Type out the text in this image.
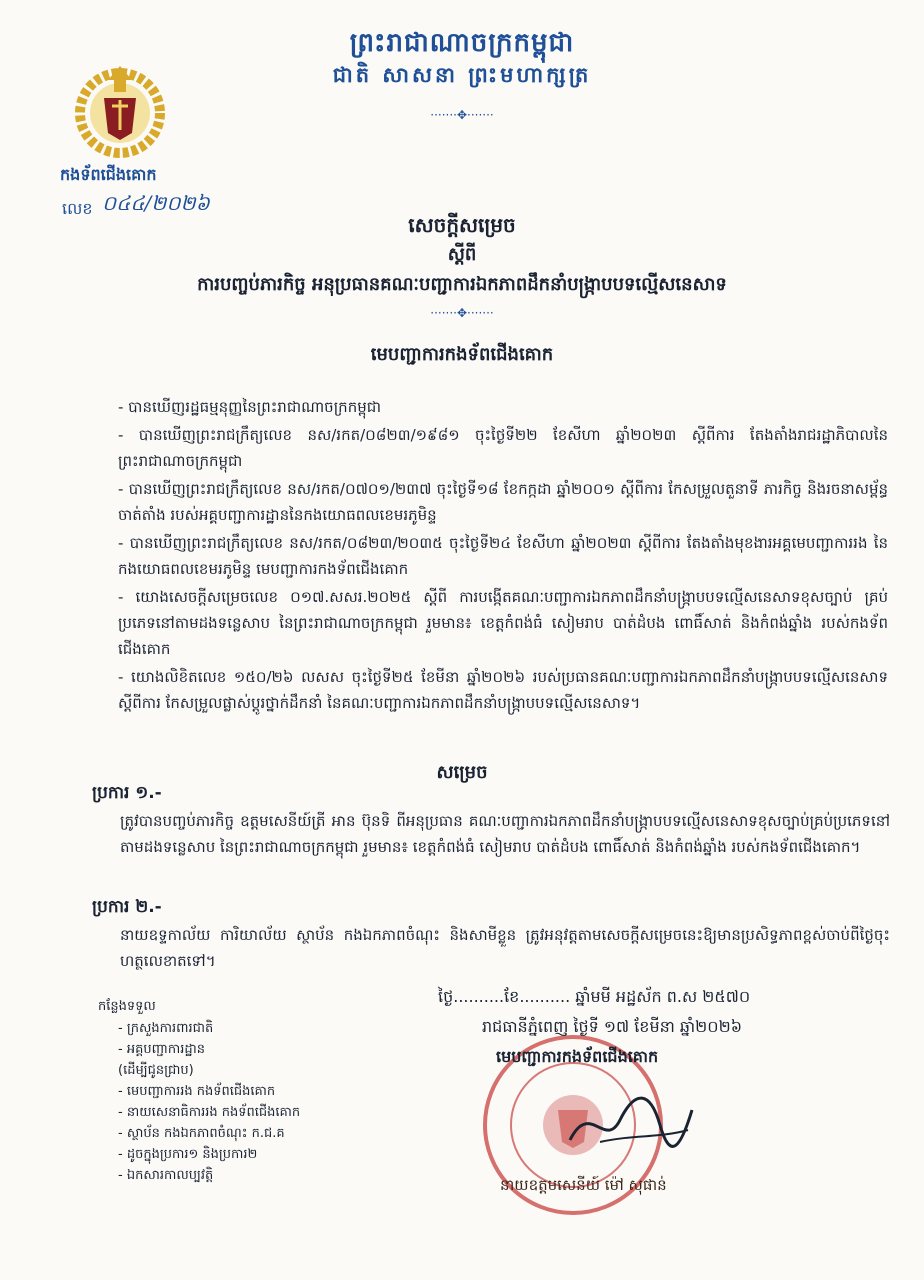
ព្រះរាជាណាចក្រកម្ពុជា
ជាតិ សាសនា ព្រះមហាក្សត្រ
·······✥·······
កងទ័ពជើងគោក
លេខ ០៤៤/២០២៦
សេចក្តីសម្រេច
ស្តីពី
ការបញ្ចប់ភារកិច្ច អនុប្រធានគណៈបញ្ជាការឯកភាពដឹកនាំបង្ក្រាបបទល្មើសនេសាទ
·······✥·······
មេបញ្ជាការកងទ័ពជើងគោក
- បានឃើញរដ្ឋធម្មនុញ្ញនៃព្រះរាជាណាចក្រកម្ពុជា
- បានឃើញព្រះរាជក្រឹត្យលេខ នស/រកត/០៨២៣/១៩៨១ ចុះថ្ងៃទី២២ ខែសីហា ឆ្នាំ២០២៣ ស្តីពីការ តែងតាំងរាជរដ្ឋាភិបាលនៃព្រះរាជាណាចក្រកម្ពុជា
- បានឃើញព្រះរាជក្រឹត្យលេខ នស/រកត/០៧០១/២៣៧ ចុះថ្ងៃទី១៨ ខែកក្កដា ឆ្នាំ២០០១ ស្តីពីការ កែសម្រួលតួនាទី ភារកិច្ច និងរចនាសម្ព័ន្ធចាត់តាំង របស់អគ្គបញ្ជាការដ្ឋាននៃកងយោធពលខេមរភូមិន្ទ
- បានឃើញព្រះរាជក្រឹត្យលេខ នស/រកត/០៨២៣/២០៣៥ ចុះថ្ងៃទី២៤ ខែសីហា ឆ្នាំ២០២៣ ស្តីពីការ តែងតាំងមុខងារអគ្គមេបញ្ជាការរង នៃកងយោធពលខេមរភូមិន្ទ មេបញ្ជាការកងទ័ពជើងគោក
- យោងសេចក្តីសម្រេចលេខ ០១៧.សសរ.២០២៥ ស្តីពី ការបង្កើតគណៈបញ្ជាការឯកភាពដឹកនាំបង្ក្រាបបទល្មើសនេសាទខុសច្បាប់ គ្រប់ប្រភេទនៅតាមដងទន្លេសាប នៃព្រះរាជាណាចក្រកម្ពុជា រួមមាន៖ ខេត្តកំពង់ធំ សៀមរាប បាត់ដំបង ពោធិ៍សាត់ និងកំពង់ឆ្នាំង របស់កងទ័ពជើងគោក
- យោងលិខិតលេខ ១៥០/២៦ លសស ចុះថ្ងៃទី២៥ ខែមីនា ឆ្នាំ២០២៦ របស់ប្រធានគណៈបញ្ជាការឯកភាពដឹកនាំបង្ក្រាបបទល្មើសនេសាទ ស្តីពីការ កែសម្រួលផ្លាស់ប្តូរថ្នាក់ដឹកនាំ នៃគណៈបញ្ជាការឯកភាពដឹកនាំបង្ក្រាបបទល្មើសនេសាទ។
សម្រេច
ប្រការ ១.-
ត្រូវបានបញ្ចប់ភារកិច្ច ឧត្តមសេនីយ៍ត្រី អាន ប៊ុនទិ ពីអនុប្រធាន គណៈបញ្ជាការឯកភាពដឹកនាំបង្ក្រាបបទល្មើសនេសាទខុសច្បាប់គ្រប់ប្រភេទនៅតាមដងទន្លេសាប នៃព្រះរាជាណាចក្រកម្ពុជា រួមមាន៖ ខេត្តកំពង់ធំ សៀមរាប បាត់ដំបង ពោធិ៍សាត់ និងកំពង់ឆ្នាំង របស់កងទ័ពជើងគោក។
ប្រការ ២.-
នាយឧទ្ទកាល័យ ការិយាល័យ ស្ថាប័ន កងឯកភាពចំណុះ និងសាមីខ្លួន ត្រូវអនុវត្តតាមសេចក្តីសម្រេចនេះឱ្យមានប្រសិទ្ធភាពខ្ពស់ចាប់ពីថ្ងៃចុះហត្ថលេខាតទៅ។
កន្លែងទទួល
- ក្រសួងការពារជាតិ
- អគ្គបញ្ជាការដ្ឋាន
(ដើម្បីជូនជ្រាប)
- មេបញ្ជាការរង កងទ័ពជើងគោក
- នាយសេនាធិការរង កងទ័ពជើងគោក
- ស្ថាប័ន កងឯកភាពចំណុះ ក.ជ.គ
- ដូចក្នុងប្រការ១ និងប្រការ២
- ឯកសារកាលប្បវត្តិ
ថ្ងៃ..........ខែ.......... ឆ្នាំមមី អដ្ឋស័ក ព.ស ២៥៧០
រាជធានីភ្នំពេញ ថ្ងៃទី ១៧ ខែមីនា ឆ្នាំ២០២៦
មេបញ្ជាការកងទ័ពជើងគោក
នាយឧត្តមសេនីយ៍ ម៉ៅ សុផាន់
